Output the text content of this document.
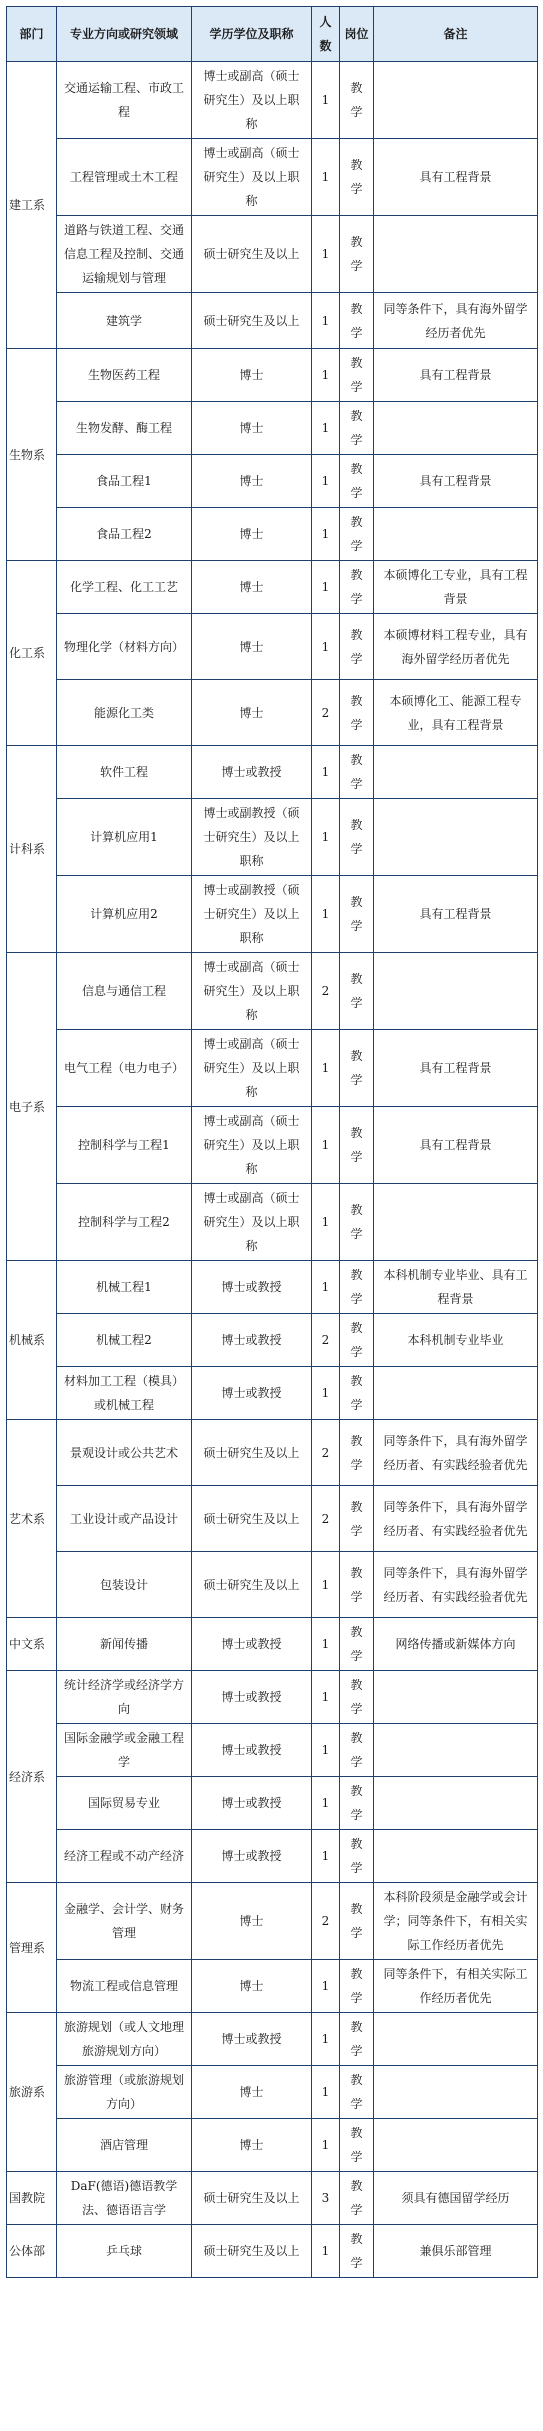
部门	专业方向或研究领域	学历学位及职称	人数	岗位	备注
建工系	交通运输工程、市政工程	博士或副高（硕士研究生）及以上职称	1	教学	
	工程管理或土木工程	博士或副高（硕士研究生）及以上职称	1	教学	具有工程背景
	道路与铁道工程、交通信息工程及控制、交通运输规划与管理	硕士研究生及以上	1	教学	
	建筑学	硕士研究生及以上	1	教学	同等条件下，具有海外留学经历者优先
生物系	生物医药工程	博士	1	教学	具有工程背景
	生物发酵、酶工程	博士	1	教学	
	食品工程1	博士	1	教学	具有工程背景
	食品工程2	博士	1	教学	
化工系	化学工程、化工工艺	博士	1	教学	本硕博化工专业，具有工程背景
	物理化学（材料方向）	博士	1	教学	本硕博材料工程专业，具有海外留学经历者优先
	能源化工类	博士	2	教学	本硕博化工、能源工程专业，具有工程背景
计科系	软件工程	博士或教授	1	教学	
	计算机应用1	博士或副教授（硕士研究生）及以上职称	1	教学	
	计算机应用2	博士或副教授（硕士研究生）及以上职称	1	教学	具有工程背景
电子系	信息与通信工程	博士或副高（硕士研究生）及以上职称	2	教学	
	电气工程（电力电子）	博士或副高（硕士研究生）及以上职称	1	教学	具有工程背景
	控制科学与工程1	博士或副高（硕士研究生）及以上职称	1	教学	具有工程背景
	控制科学与工程2	博士或副高（硕士研究生）及以上职称	1	教学	
机械系	机械工程1	博士或教授	1	教学	本科机制专业毕业、具有工程背景
	机械工程2	博士或教授	2	教学	本科机制专业毕业
	材料加工工程（模具）或机械工程	博士或教授	1	教学	
艺术系	景观设计或公共艺术	硕士研究生及以上	2	教学	同等条件下，具有海外留学经历者、有实践经验者优先
	工业设计或产品设计	硕士研究生及以上	2	教学	同等条件下，具有海外留学经历者、有实践经验者优先
	包装设计	硕士研究生及以上	1	教学	同等条件下，具有海外留学经历者、有实践经验者优先
中文系	新闻传播	博士或教授	1	教学	网络传播或新媒体方向
经济系	统计经济学或经济学方向	博士或教授	1	教学	
	国际金融学或金融工程学	博士或教授	1	教学	
	国际贸易专业	博士或教授	1	教学	
	经济工程或不动产经济	博士或教授	1	教学	
管理系	金融学、会计学、财务管理	博士	2	教学	本科阶段须是金融学或会计学；同等条件下，有相关实际工作经历者优先
	物流工程或信息管理	博士	1	教学	同等条件下，有相关实际工作经历者优先
旅游系	旅游规划（或人文地理旅游规划方向）	博士或教授	1	教学	
	旅游管理（或旅游规划方向）	博士	1	教学	
	酒店管理	博士	1	教学	
国教院	DaF(德语)德语教学法、德语语言学	硕士研究生及以上	3	教学	须具有德国留学经历
公体部	乒乓球	硕士研究生及以上	1	教学	兼俱乐部管理
